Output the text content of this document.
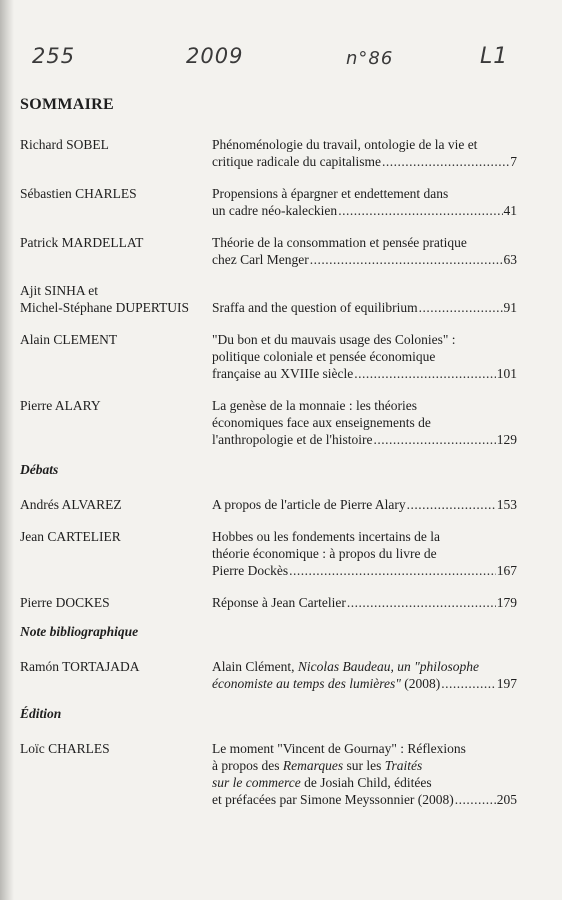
255	2009	n°86	L1
SOMMAIRE
Richard SOBEL	Phénoménologie du travail, ontologie de la vie et
critique radicale du capitalisme .....	7
Sébastien CHARLES	Propensions à épargner et endettement dans
un cadre néo-kaleckien .....	41
Patrick MARDELLAT	Théorie de la consommation et pensée pratique
chez Carl Menger .....	63
Ajit SINHA et
Michel-Stéphane DUPERTUIS	Sraffa and the question of equilibrium .....	91
Alain CLEMENT	"Du bon et du mauvais usage des Colonies" :
politique coloniale et pensée économique
française au XVIIIe siècle .....	101
Pierre ALARY	La genèse de la monnaie : les théories
économiques face aux enseignements de
l'anthropologie et de l'histoire .....	129
Débats
Andrés ALVAREZ	A propos de l'article de Pierre Alary .....	153
Jean CARTELIER	Hobbes ou les fondements incertains de la
théorie économique : à propos du livre de
Pierre Dockès .....	167
Pierre DOCKES	Réponse à Jean Cartelier .....	179
Note bibliographique
Ramón TORTAJADA	Alain Clément, Nicolas Baudeau, un "philosophe
économiste au temps des lumières" (2008) .....	197
Édition
Loïc CHARLES	Le moment "Vincent de Gournay" : Réflexions
à propos des Remarques sur les Traités
sur le commerce de Josiah Child, éditées
et préfacées par Simone Meyssonnier (2008) .....	205
